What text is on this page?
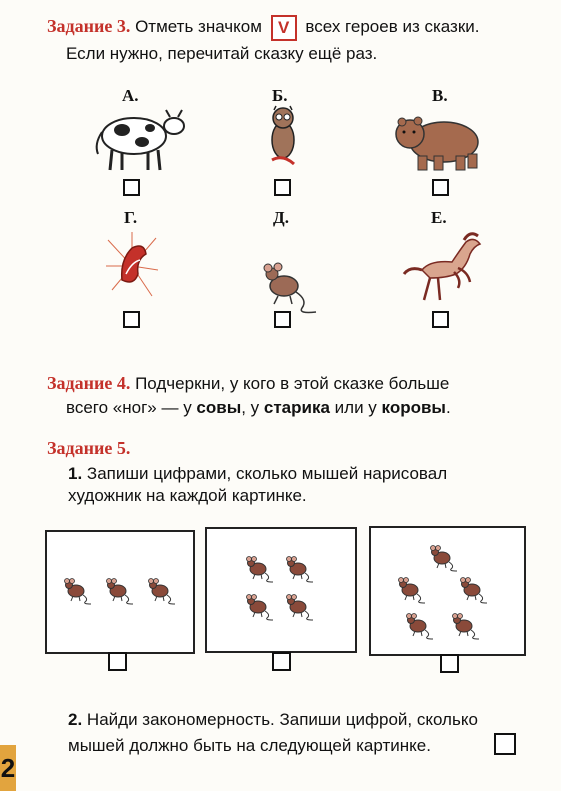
Задание 3. Отметь значком V всех героев из сказки.
Если нужно, перечитай сказку ещё раз.
А.	Б.	В.
Г.	Д.	Е.
Задание 4. Подчеркни, у кого в этой сказке больше
всего «ног» — у совы, у старика или у коровы.
Задание 5.
1. Запиши цифрами, сколько мышей нарисовал
художник на каждой картинке.
2. Найди закономерность. Запиши цифрой, сколько
мышей должно быть на следующей картинке.
2
